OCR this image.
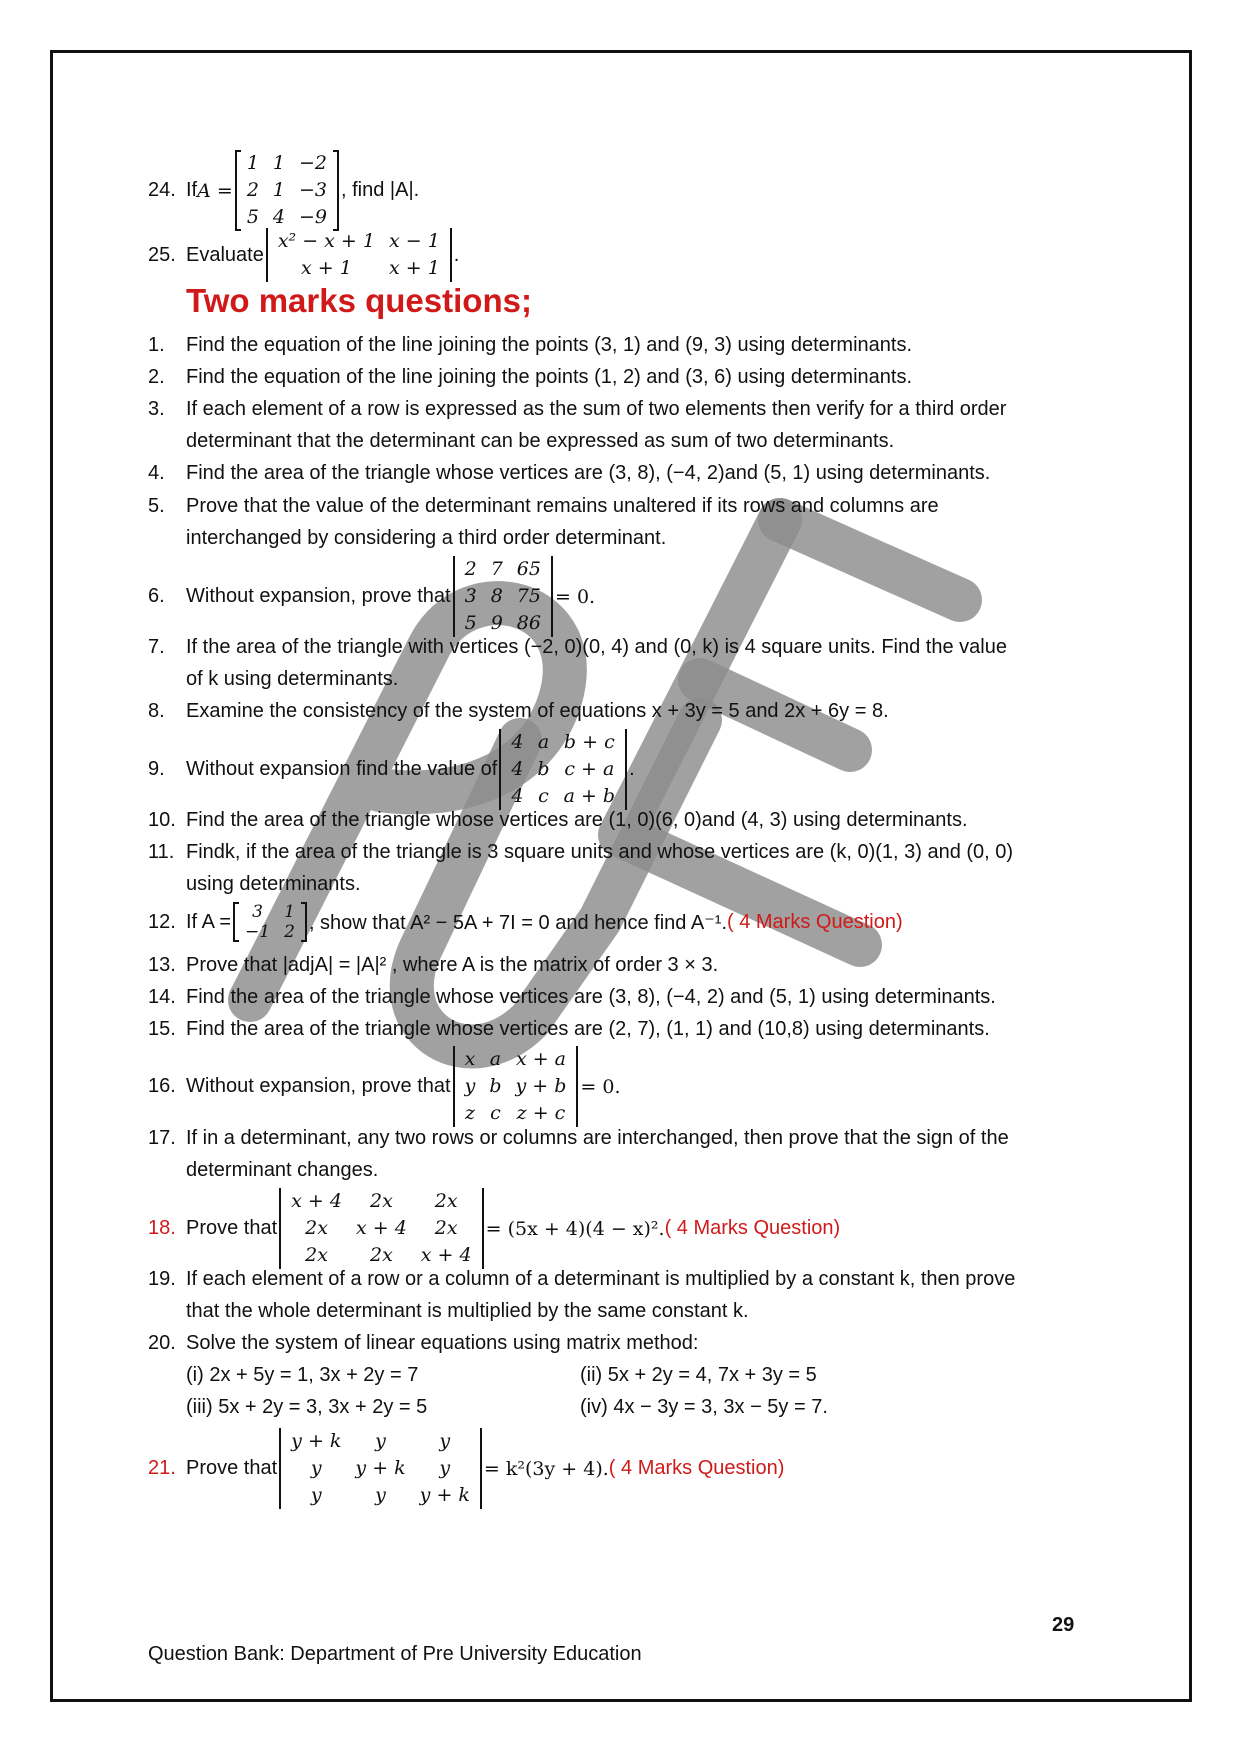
24. If A =
1	1	−2
2	1	−3
5	4	−9
, find |A|.
25. Evaluate
x² − x + 1	x − 1
x + 1	x + 1
.
Two marks questions;
1. Find the equation of the line joining the points (3, 1) and (9, 3) using determinants.
2. Find the equation of the line joining the points (1, 2) and (3, 6) using determinants.
3. If each element of a row is expressed as the sum of two elements then verify for a third order
determinant that the determinant can be expressed as sum of two determinants.
4. Find the area of the triangle whose vertices are (3, 8), (−4, 2)and (5, 1) using determinants.
5. Prove that the value of the determinant remains unaltered if its rows and columns are
interchanged by considering a third order determinant.
6.	Without expansion, prove that
2	7	65
3	8	75
5	9	86
= 0.
7. If the area of the triangle with vertices (−2, 0)(0, 4) and (0, k) is 4 square units. Find the value
of k using determinants.
8. Examine the consistency of the system of equations x + 3y = 5 and 2x + 6y = 8.
9.	Without expansion find the value of
4	a	b + c
4	b	c + a
4	c	a + b
.
10. Find the area of the triangle whose vertices are (1, 0)(6, 0)and (4, 3) using determinants.
11. Findk, if the area of the triangle is 3 square units and whose vertices are (k, 0)(1, 3) and (0, 0)
using determinants.
12. If A = 3	1
−1	2 , show that A² − 5A + 7I = 0 and hence find A⁻¹. ( 4 Marks Question)
13. Prove that |adjA| = |A|² , where A is the matrix of order 3 × 3.
14. Find the area of the triangle whose vertices are (3, 8), (−4, 2) and (5, 1) using determinants.
15. Find the area of the triangle whose vertices are (2, 7), (1, 1) and (10,8) using determinants.
16. Without expansion, prove that
x	a	x + a
y	b	y + b
z	c	z + c
= 0.
17. If in a determinant, any two rows or columns are interchanged, then prove that the sign of the
determinant changes.
18. Prove that
x + 4	2x	2x
2x	x + 4	2x
2x	2x	x + 4
= (5x + 4)(4 − x)². ( 4 Marks Question)
19. If each element of a row or a column of a determinant is multiplied by a constant k, then prove
that the whole determinant is multiplied by the same constant k.
20. Solve the system of linear equations using matrix method:
(i) 2x + 5y = 1, 3x + 2y = 7	(ii) 5x + 2y = 4, 7x + 3y = 5
(iii) 5x + 2y = 3, 3x + 2y = 5	(iv) 4x − 3y = 3, 3x − 5y = 7.
21. Prove that
y + k	y	y
y	y + k	y
y	y	y + k
= k²(3y + 4). ( 4 Marks Question)
29
Question Bank: Department of Pre University Education
